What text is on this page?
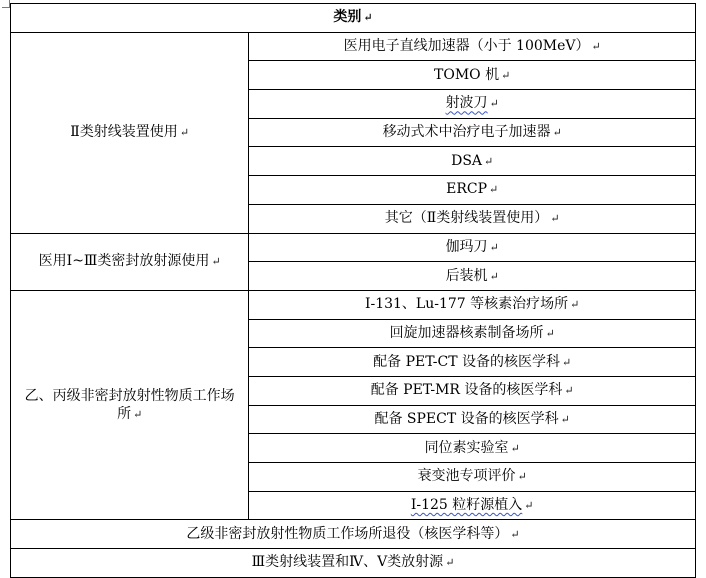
类别 ↵	
Ⅱ类射线装置使用 ↵	医用电子直线加速器（小于 100MeV） ↵
	TOMO 机 ↵
	射波刀 ↵
	移动式术中治疗电子加速器 ↵
	DSA ↵
	ERCP ↵
	其它（Ⅱ类射线装置使用） ↵
医用Ⅰ~Ⅲ类密封放射源使用 ↵	伽玛刀 ↵
	后装机 ↵
乙、丙级非密封放射性物质工作场所 ↵	I-131、Lu-177 等核素治疗场所 ↵
	回旋加速器核素制备场所 ↵
	配备 PET-CT 设备的核医学科 ↵
	配备 PET-MR 设备的核医学科 ↵
	配备 SPECT 设备的核医学科 ↵
	同位素实验室 ↵
	衰变池专项评价 ↵
	I-125 粒籽源植入 ↵
乙级非密封放射性物质工作场所退役（核医学科等） ↵	
Ⅲ类射线装置和Ⅳ、Ⅴ类放射源 ↵	
